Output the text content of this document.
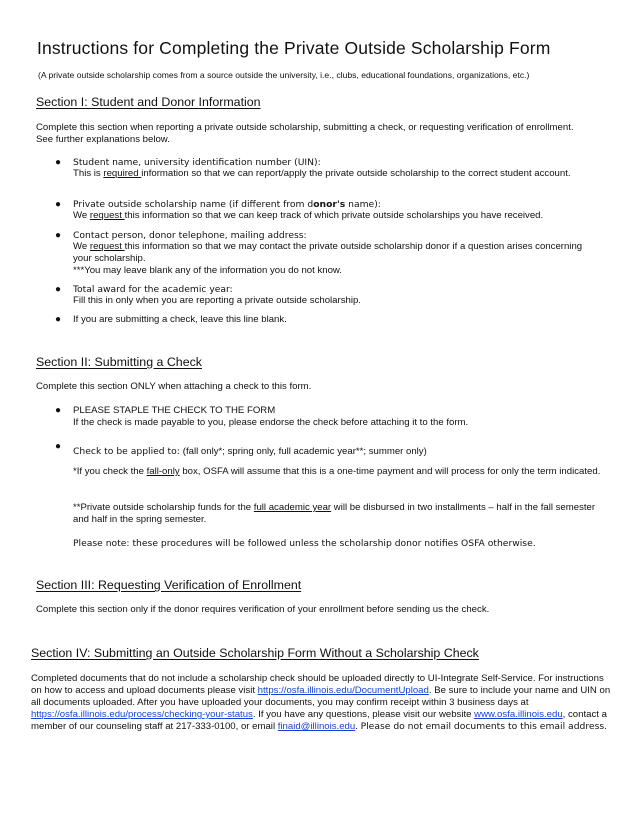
Instructions for Completing the Private Outside Scholarship Form
(A private outside scholarship comes from a source outside the university, i.e., clubs, educational foundations, organizations, etc.)
Section I: Student and Donor Information
Complete this section when reporting a private outside scholarship, submitting a check, or requesting verification of enrollment. See further explanations below.
● Student name, university identification number (UIN):
This is required information so that we can report/apply the private outside scholarship to the correct student account.
● Private outside scholarship name (if different from donor's name):
We request this information so that we can keep track of which private outside scholarships you have received.
● Contact person, donor telephone, mailing address:
We request this information so that we may contact the private outside scholarship donor if a question arises concerning your scholarship.
***You may leave blank any of the information you do not know.
● Total award for the academic year:
Fill this in only when you are reporting a private outside scholarship.
● If you are submitting a check, leave this line blank.
Section II: Submitting a Check
Complete this section ONLY when attaching a check to this form.
● PLEASE STAPLE THE CHECK TO THE FORM
If the check is made payable to you, please endorse the check before attaching it to the form.
● Check to be applied to: (fall only*; spring only, full academic year**; summer only)
*If you check the fall-only box, OSFA will assume that this is a one-time payment and will process for only the term indicated.
**Private outside scholarship funds for the full academic year will be disbursed in two installments – half in the fall semester and half in the spring semester.
Please note: these procedures will be followed unless the scholarship donor notifies OSFA otherwise.
Section III: Requesting Verification of Enrollment
Complete this section only if the donor requires verification of your enrollment before sending us the check.
Section IV: Submitting an Outside Scholarship Form Without a Scholarship Check
Completed documents that do not include a scholarship check should be uploaded directly to UI-Integrate Self-Service. For instructions on how to access and upload documents please visit https://osfa.illinois.edu/DocumentUpload. Be sure to include your name and UIN on all documents uploaded. After you have uploaded your documents, you may confirm receipt within 3 business days at https://osfa.illinois.edu/process/checking-your-status. If you have any questions, please visit our website www.osfa.illinois.edu, contact a member of our counseling staff at 217-333-0100, or email finaid@illinois.edu. Please do not email documents to this email address.
